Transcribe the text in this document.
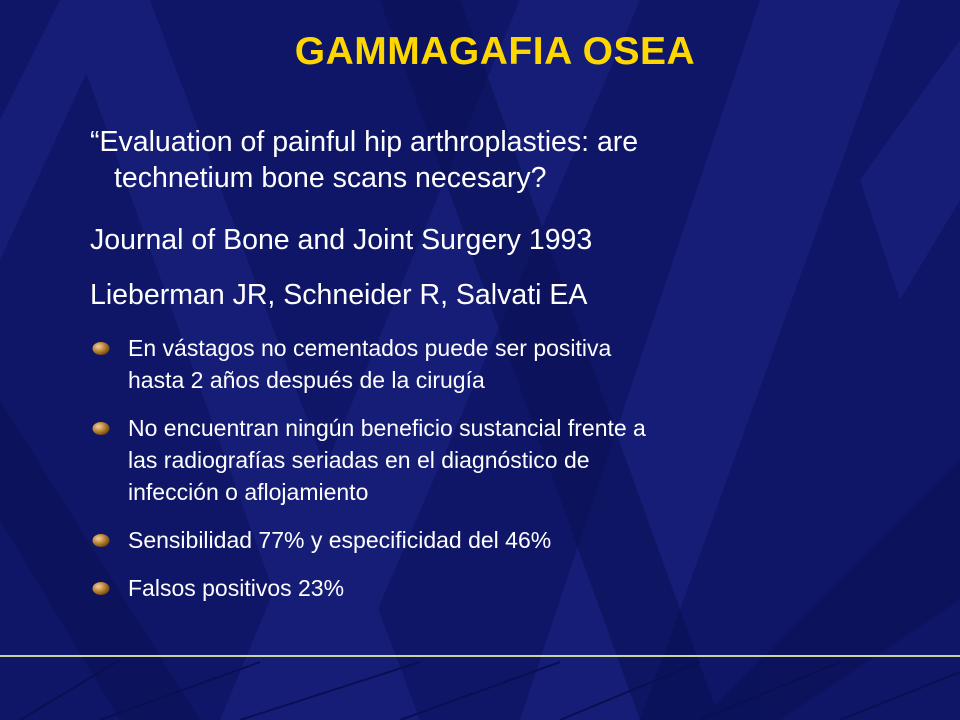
GAMMAGAFIA OSEA

“Evaluation of painful hip arthroplasties: are
technetium bone scans necesary?

Journal of Bone and Joint Surgery 1993

Lieberman JR, Schneider R, Salvati EA

En vástagos no cementados puede ser positiva
hasta 2 años después de la cirugía
No encuentran ningún beneficio sustancial frente a
las radiografías seriadas en el diagnóstico de
infección o aflojamiento
Sensibilidad 77% y especificidad del 46%
Falsos positivos 23%
